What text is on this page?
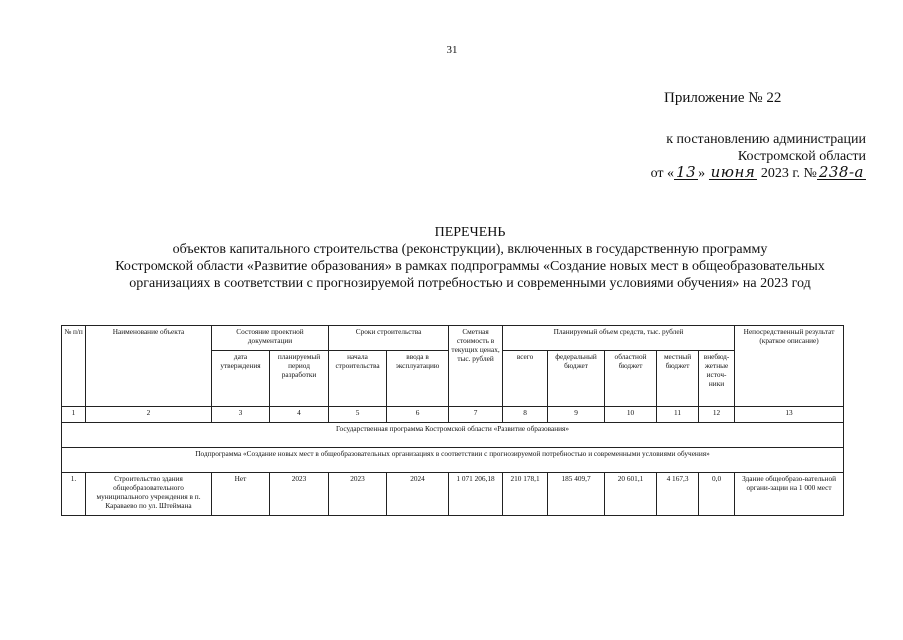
31
Приложение № 22
к постановлению администрации
Костромской области
от « 13 » июня 2023 г. № 238-а
ПЕРЕЧЕНЬ
объектов капитального строительства (реконструкции), включенных в государственную программу
Костромской области «Развитие образования» в рамках подпрограммы «Создание новых мест в общеобразовательных
организациях в соответствии с прогнозируемой потребностью и современными условиями обучения» на 2023 год
№ п/п	Наименование объекта	Состояние проектной документации		Сроки строительства		Сметная стоимость в текущих ценах, тыс. рублей	Планируемый объем средств, тыс. рублей					Непосредственный результат (краткое описание)
		дата утверждения	планируемый период разработки	начала строительства	ввода в эксплуатацию		всего	федеральный бюджет	областной бюджет	местный бюджет	внебюд-жетные источ-ники	
1	2	3	4	5	6	7	8	9	10	11	12	13
Государственная программа Костромской области «Развитие образования»												
Подпрограмма «Создание новых мест в общеобразовательных организациях в соответствии с прогнозируемой потребностью и современными условиями обучения»												
1.	Строительство здания общеобразовательного муниципального учреждения в п. Караваево по ул. Штеймана	Нет	2023	2023	2024	1 071 206,18	210 178,1	185 409,7	20 601,1	4 167,3	0,0	Здание общеобразо-вательной органи-зации на 1 000 мест
